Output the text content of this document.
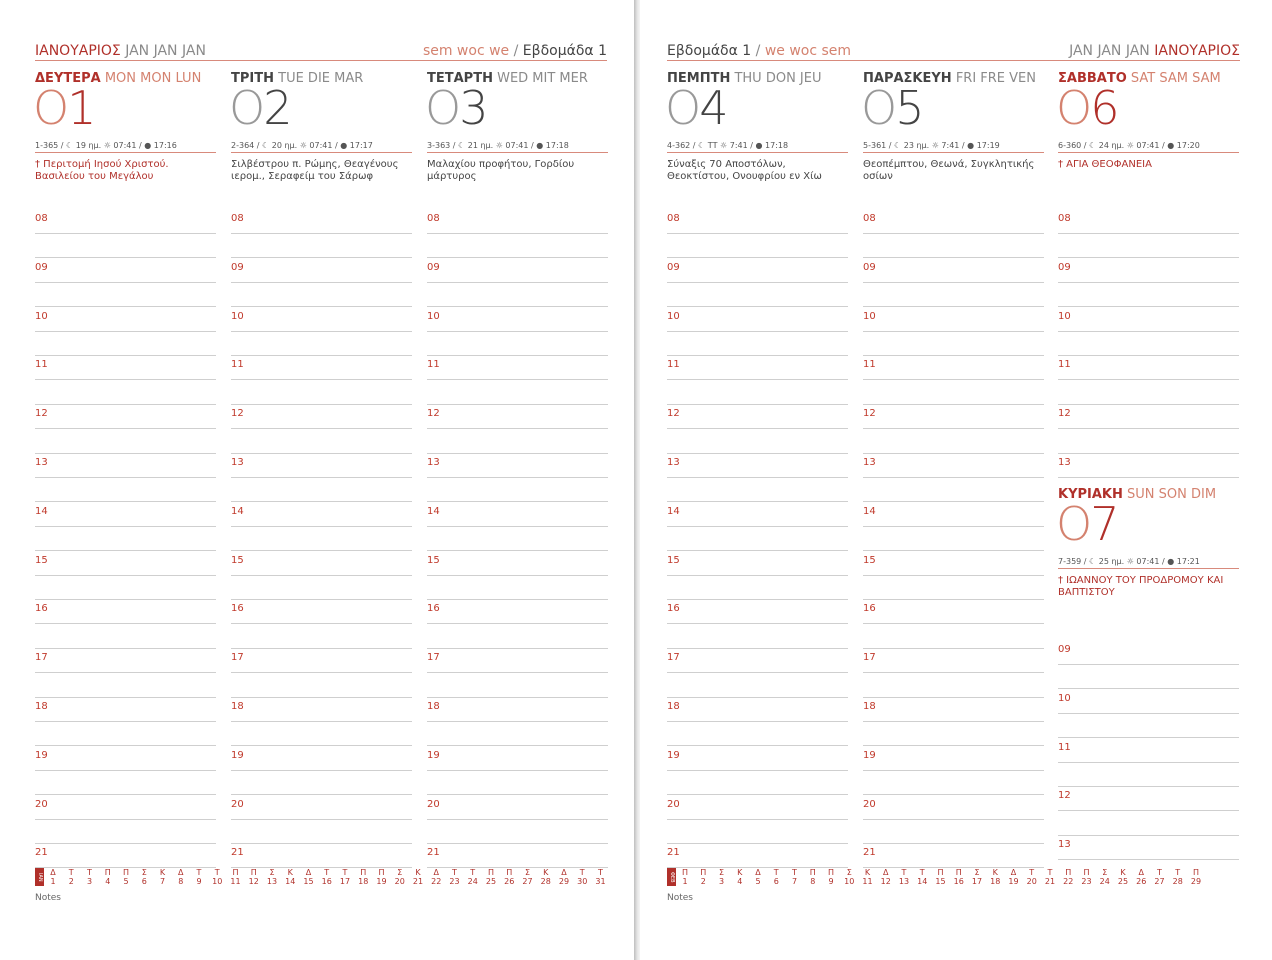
ΙΑΝΟΥΑΡΙΟΣ JAN JAN JAN	sem woc we / Εβδομάδα 1
ΔΕΥΤΕΡΑ MON MON LUN
O1
1-365 / ☾ 19 ημ. ☼ 07:41 / ● 17:16
† Περιτομή Ιησού Χριστού. Βασιλείου του Μεγάλου
08
09
10
11
12
13
14
15
16
17
18
19
20
21
ΤΡΙΤΗ TUE DIE MAR
O2
2-364 / ☾ 20 ημ. ☼ 07:41 / ● 17:17
Σιλβέστρου π. Ρώμης, Θεαγένους ιερομ., Σεραφείμ του Σάρωφ
08
09
10
11
12
13
14
15
16
17
18
19
20
21
ΤΕΤΑΡΤΗ WED MIT MER
O3
3-363 / ☾ 21 ημ. ☼ 07:41 / ● 17:18
Μαλαχίου προφήτου, Γορδίου μάρτυρος
08
09
10
11
12
13
14
15
16
17
18
19
20
21
ΙΑΝ Δ
1
Τ
2
Τ
3
Π
4
Π
5
Σ
6
Κ
7
Δ
8
Τ
9
Τ
10
Π
11
Π
12
Σ
13
Κ
14
Δ
15
Τ
16
Τ
17
Π
18
Π
19
Σ
20
Κ
21
Δ
22
Τ
23
Τ
24
Π
25
Π
26
Σ
27
Κ
28
Δ
29
Τ
30
Τ
31
Notes
Εβδομάδα 1 / we woc sem	JAN JAN JAN ΙΑΝΟΥΑΡΙΟΣ
ΠΕΜΠΤΗ THU DON JEU
O4
4-362 / ☾ ΤΤ ☼ 7:41 / ● 17:18
Σύναξις 70 Αποστόλων, Θεοκτίστου, Ονουφρίου εν Χίω
08
09
10
11
12
13
14
15
16
17
18
19
20
21
ΠΑΡΑΣΚΕΥΗ FRI FRE VEN
O5
5-361 / ☾ 23 ημ. ☼ 7:41 / ● 17:19
Θεοπέμπτου, Θεωνά, Συγκλητικής οσίων
08
09
10
11
12
13
14
15
16
17
18
19
20
21
ΣΑΒΒΑΤΟ SAT SAM SAM
O6
6-360 / ☾ 24 ημ. ☼ 07:41 / ● 17:20
† ΑΓΙΑ ΘΕΟΦΑΝΕΙΑ
08
09
10
11
12
13
ΚΥΡΙΑΚΗ SUN SON DIM
O7
7-359 / ☾ 25 ημ. ☼ 07:41 / ● 17:21
† ΙΩΑΝΝΟΥ ΤΟΥ ΠΡΟΔΡΟΜΟΥ ΚΑΙ ΒΑΠΤΙΣΤΟΥ
09
10
11
12
13
ΦΕΒ Π
1
Π
2
Σ
3
Κ
4
Δ
5
Τ
6
Τ
7
Π
8
Π
9
Σ
10
Κ
11
Δ
12
Τ
13
Τ
14
Π
15
Π
16
Σ
17
Κ
18
Δ
19
Τ
20
Τ
21
Π
22
Π
23
Σ
24
Κ
25
Δ
26
Τ
27
Τ
28
Π
29
Notes
